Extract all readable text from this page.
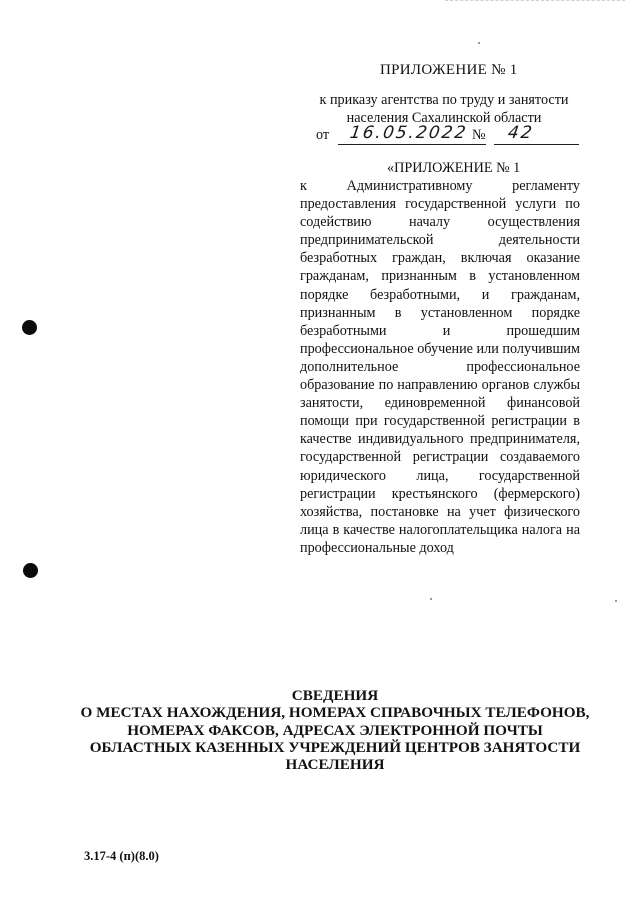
ПРИЛОЖЕНИЕ № 1
к приказу агентства по труду и занятости населения Сахалинской области
от 16.05.2022 № 42
«ПРИЛОЖЕНИЕ № 1
к Административному регламенту предоставления государственной услуги по содействию началу осуществления предпринимательской деятельности безработных граждан, включая оказание гражданам, признанным в установленном порядке безработными, и гражданам, признанным в установленном порядке безработными и прошедшим профессиональное обучение или получившим дополнительное профессиональное образование по направлению органов службы занятости, единовременной финансовой помощи при государственной регистрации в качестве индивидуального предпринимателя, государственной регистрации создаваемого юридического лица, государственной регистрации крестьянского (фермерского) хозяйства, постановке на учет физического лица в качестве налогоплательщика налога на профессиональные доход
СВЕДЕНИЯ
О МЕСТАХ НАХОЖДЕНИЯ, НОМЕРАХ СПРАВОЧНЫХ ТЕЛЕФОНОВ, НОМЕРАХ ФАКСОВ, АДРЕСАХ ЭЛЕКТРОННОЙ ПОЧТЫ ОБЛАСТНЫХ КАЗЕННЫХ УЧРЕЖДЕНИЙ ЦЕНТРОВ ЗАНЯТОСТИ НАСЕЛЕНИЯ
3.17-4 (п)(8.0)
